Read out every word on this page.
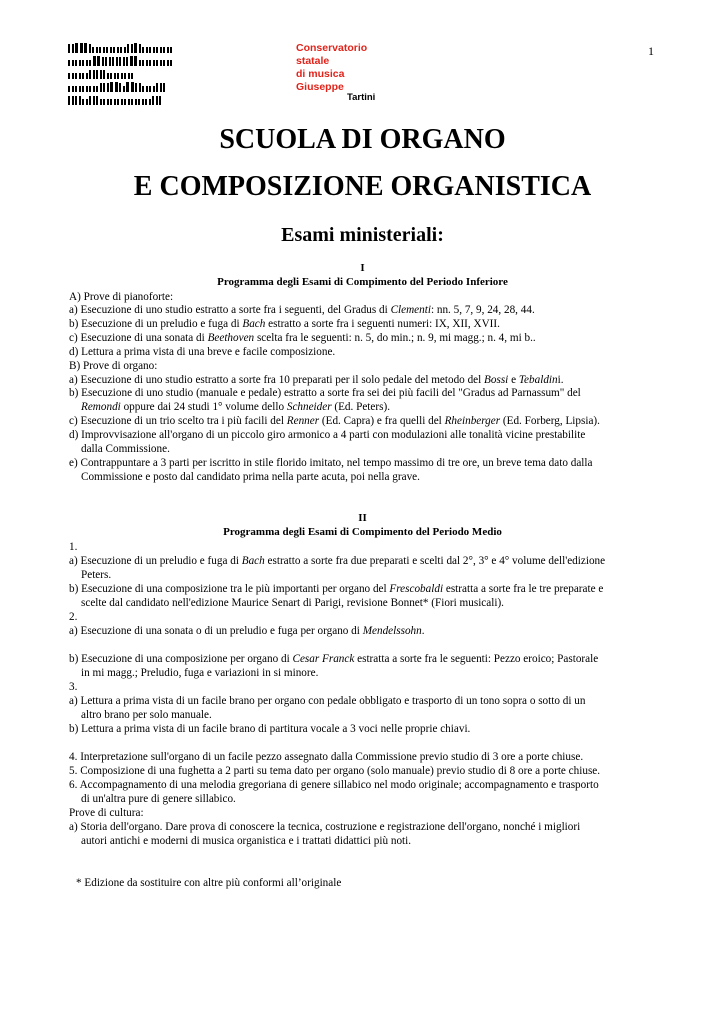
1
Conservatorio
statale
di musica
Giuseppe
Tartini
SCUOLA DI ORGANO
E COMPOSIZIONE ORGANISTICA
Esami ministeriali:
I
Programma degli Esami di Compimento del Periodo Inferiore
A) Prove di pianoforte:
a) Esecuzione di uno studio estratto a sorte fra i seguenti, del Gradus di Clementi: nn. 5, 7, 9, 24, 28, 44.
b) Esecuzione di un preludio e fuga di Bach estratto a sorte fra i seguenti numeri: IX, XII, XVII.
c) Esecuzione di una sonata di Beethoven scelta fra le seguenti: n. 5, do min.; n. 9, mi magg.; n. 4, mi b..
d) Lettura a prima vista di una breve e facile composizione.
B) Prove di organo:
a) Esecuzione di uno studio estratto a sorte fra 10 preparati per il solo pedale del metodo del Bossi e Tebaldini.
b) Esecuzione di uno studio (manuale e pedale) estratto a sorte fra sei dei più facili del "Gradus ad Parnassum" del
Remondi oppure dai 24 studi 1° volume dello Schneider (Ed. Peters).
c) Esecuzione di un trio scelto tra i più facili del Renner (Ed. Capra) e fra quelli del Rheinberger (Ed. Forberg, Lipsia).
d) Improvvisazione all'organo di un piccolo giro armonico a 4 parti con modulazioni alle tonalità vicine prestabilite
dalla Commissione.
e) Contrappuntare a 3 parti per iscritto in stile florido imitato, nel tempo massimo di tre ore, un breve tema dato dalla
Commissione e posto dal candidato prima nella parte acuta, poi nella grave.
II
Programma degli Esami di Compimento del Periodo Medio
1.
a) Esecuzione di un preludio e fuga di Bach estratto a sorte fra due preparati e scelti dal 2°, 3° e 4° volume dell'edizione
Peters.
b) Esecuzione di una composizione tra le più importanti per organo del Frescobaldi estratta a sorte fra le tre preparate e
scelte dal candidato nell'edizione Maurice Senart di Parigi, revisione Bonnet* (Fiori musicali).
2.
a) Esecuzione di una sonata o di un preludio e fuga per organo di Mendelssohn.
b) Esecuzione di una composizione per organo di Cesar Franck estratta a sorte fra le seguenti: Pezzo eroico; Pastorale
in mi magg.; Preludio, fuga e variazioni in si minore.
3.
a) Lettura a prima vista di un facile brano per organo con pedale obbligato e trasporto di un tono sopra o sotto di un
altro brano per solo manuale.
b) Lettura a prima vista di un facile brano di partitura vocale a 3 voci nelle proprie chiavi.
4. Interpretazione sull'organo di un facile pezzo assegnato dalla Commissione previo studio di 3 ore a porte chiuse.
5. Composizione di una fughetta a 2 parti su tema dato per organo (solo manuale) previo studio di 8 ore a porte chiuse.
6. Accompagnamento di una melodia gregoriana di genere sillabico nel modo originale; accompagnamento e trasporto
di un'altra pure di genere sillabico.
Prove di cultura:
a) Storia dell'organo. Dare prova di conoscere la tecnica, costruzione e registrazione dell'organo, nonché i migliori
autori antichi e moderni di musica organistica e i trattati didattici più noti.
* Edizione da sostituire con altre più conformi all’originale
